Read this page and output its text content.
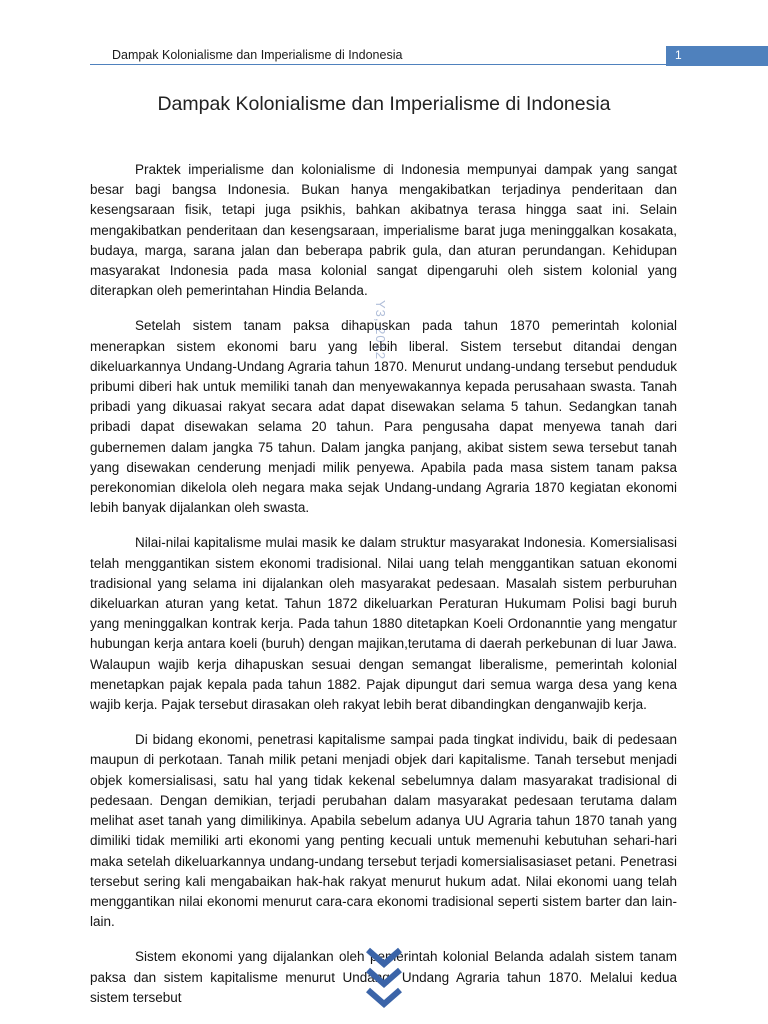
Dampak Kolonialisme dan Imperialisme di Indonesia	1
Dampak Kolonialisme dan Imperialisme di Indonesia

Praktek imperialisme dan kolonialisme di Indonesia mempunyai dampak yang sangat besar bagi bangsa Indonesia. Bukan hanya mengakibatkan terjadinya penderitaan dan kesengsaraan fisik, tetapi juga psikhis, bahkan akibatnya terasa hingga saat ini. Selain mengakibatkan penderitaan dan kesengsaraan, imperialisme barat juga meninggalkan kosakata, budaya, marga, sarana jalan dan beberapa pabrik gula, dan aturan perundangan. Kehidupan masyarakat Indonesia pada masa kolonial sangat dipengaruhi oleh sistem kolonial yang diterapkan oleh pemerintahan Hindia Belanda.

Setelah sistem tanam paksa dihapuskan pada tahun 1870 pemerintah kolonial menerapkan sistem ekonomi baru yang lebih liberal. Sistem tersebut ditandai dengan dikeluarkannya Undang-Undang Agraria tahun 1870. Menurut undang-undang tersebut penduduk pribumi diberi hak untuk memiliki tanah dan menyewakannya kepada perusahaan swasta. Tanah pribadi yang dikuasai rakyat secara adat dapat disewakan selama 5 tahun. Sedangkan tanah pribadi dapat disewakan selama 20 tahun. Para pengusaha dapat menyewa tanah dari gubernemen dalam jangka 75 tahun. Dalam jangka panjang, akibat sistem sewa tersebut tanah yang disewakan cenderung menjadi milik penyewa. Apabila pada masa sistem tanam paksa perekonomian dikelola oleh negara maka sejak Undang-undang Agraria 1870 kegiatan ekonomi lebih banyak dijalankan oleh swasta.

Nilai-nilai kapitalisme mulai masik ke dalam struktur masyarakat Indonesia. Komersialisasi telah menggantikan sistem ekonomi tradisional. Nilai uang telah menggantikan satuan ekonomi tradisional yang selama ini dijalankan oleh masyarakat pedesaan. Masalah sistem perburuhan dikeluarkan aturan yang ketat. Tahun 1872 dikeluarkan Peraturan Hukumam Polisi bagi buruh yang meninggalkan kontrak kerja. Pada tahun 1880 ditetapkan Koeli Ordonanntie yang mengatur hubungan kerja antara koeli (buruh) dengan majikan,terutama di daerah perkebunan di luar Jawa. Walaupun wajib kerja dihapuskan sesuai dengan semangat liberalisme, pemerintah kolonial menetapkan pajak kepala pada tahun 1882. Pajak dipungut dari semua warga desa yang kena wajib kerja. Pajak tersebut dirasakan oleh rakyat lebih berat dibandingkan denganwajib kerja.

Di bidang ekonomi, penetrasi kapitalisme sampai pada tingkat individu, baik di pedesaan maupun di perkotaan. Tanah milik petani menjadi objek dari kapitalisme. Tanah tersebut menjadi objek komersialisasi, satu hal yang tidak kekenal sebelumnya dalam masyarakat tradisional di pedesaan. Dengan demikian, terjadi perubahan dalam masyarakat pedesaan terutama dalam melihat aset tanah yang dimilikinya. Apabila sebelum adanya UU Agraria tahun 1870 tanah yang dimiliki tidak memiliki arti ekonomi yang penting kecuali untuk memenuhi kebutuhan sehari-hari maka setelah dikeluarkannya undang-undang tersebut terjadi komersialisasiaset petani. Penetrasi tersebut sering kali mengabaikan hak-hak rakyat menurut hukum adat. Nilai ekonomi uang telah menggantikan nilai ekonomi menurut cara-cara ekonomi tradisional seperti sistem barter dan lain-lain.

Sistem ekonomi yang dijalankan oleh pemerintah kolonial Belanda adalah sistem tanam paksa dan sistem kapitalisme menurut Undang- Undang Agraria tahun 1870. Melalui kedua sistem tersebut

Y3, 2012
